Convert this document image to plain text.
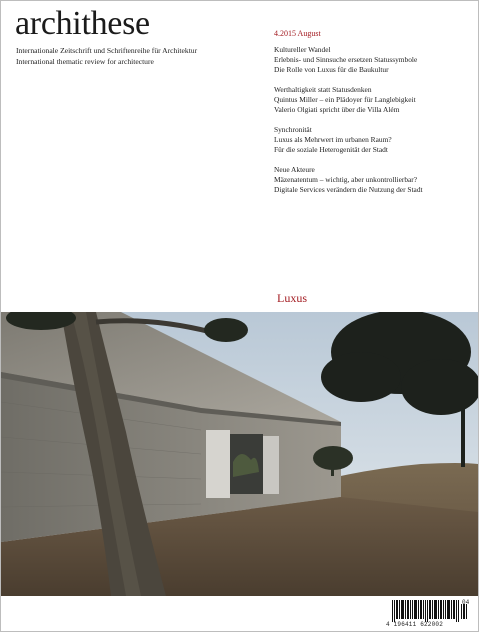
archithese
Internationale Zeitschrift und Schriftenreihe für Architektur
International thematic review for architecture
4.2015 August
Kultureller Wandel
Erlebnis- und Sinnsuche ersetzen Statussymbole
Die Rolle von Luxus für die Baukultur
Werthaltigkeit statt Statusdenken
Quintus Miller – ein Plädoyer für Langlebigkeit
Valerio Olgiati spricht über die Villa Além
Synchronität
Luxus als Mehrwert im urbanen Raum?
Für die soziale Heterogenität der Stadt
Neue Akteure
Mäzenatentum – wichtig, aber unkontrollierbar?
Digitale Services verändern die Nutzung der Stadt
Luxus
4 196411 622002
04
